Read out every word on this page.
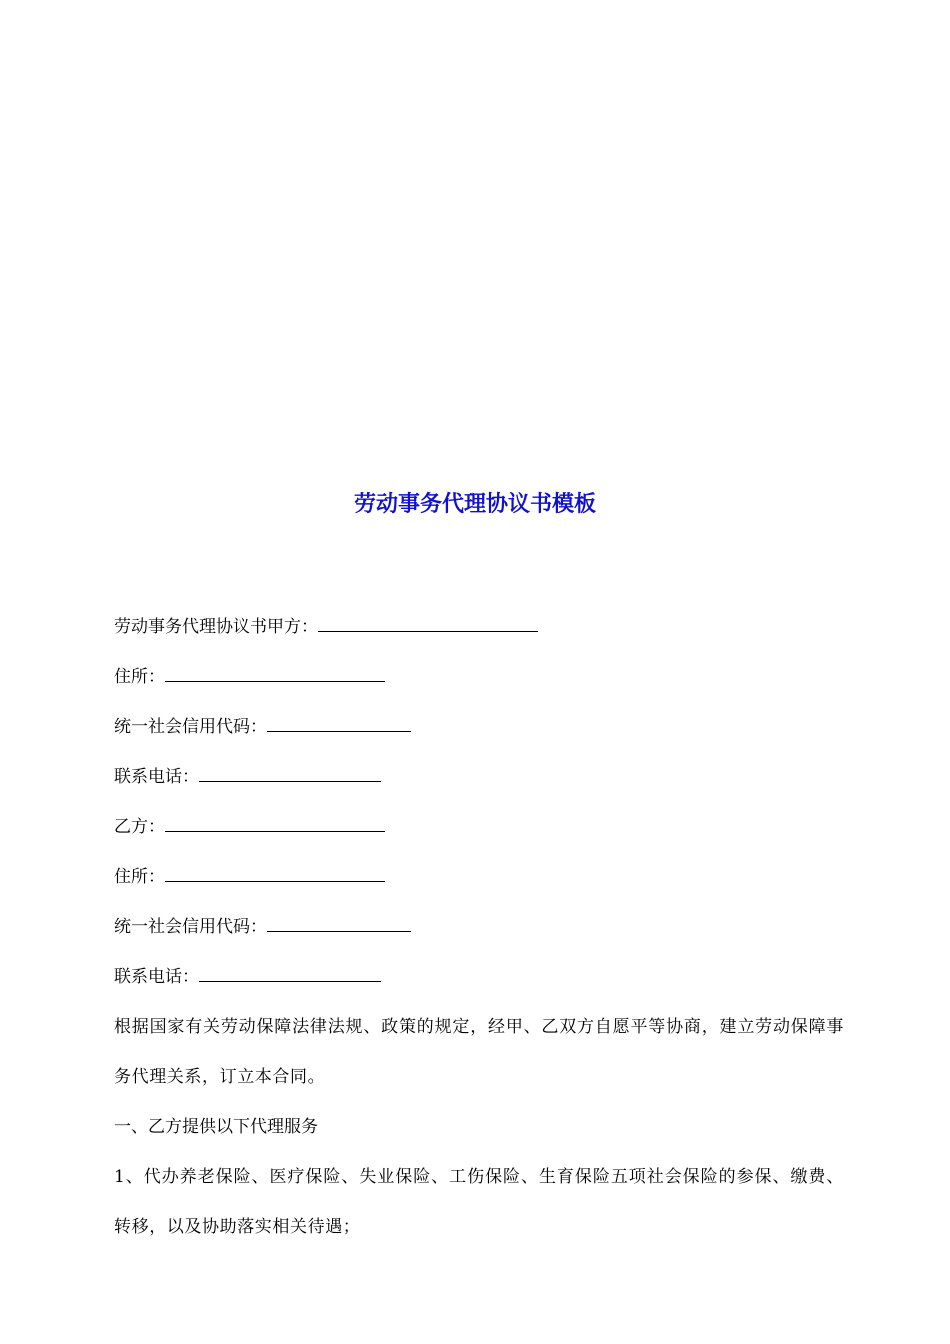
劳动事务代理协议书模板

劳动事务代理协议书甲方：

住所：

统一社会信用代码：

联系电话：

乙方：

住所：

统一社会信用代码：

联系电话：

根据国家有关劳动保障法律法规、政策的规定，经甲、乙双方自愿平等协商，建立劳动保障事务代理关系，订立本合同。

一、乙方提供以下代理服务

1、代办养老保险、医疗保险、失业保险、工伤保险、生育保险五项社会保险的参保、缴费、转移，以及协助落实相关待遇；
